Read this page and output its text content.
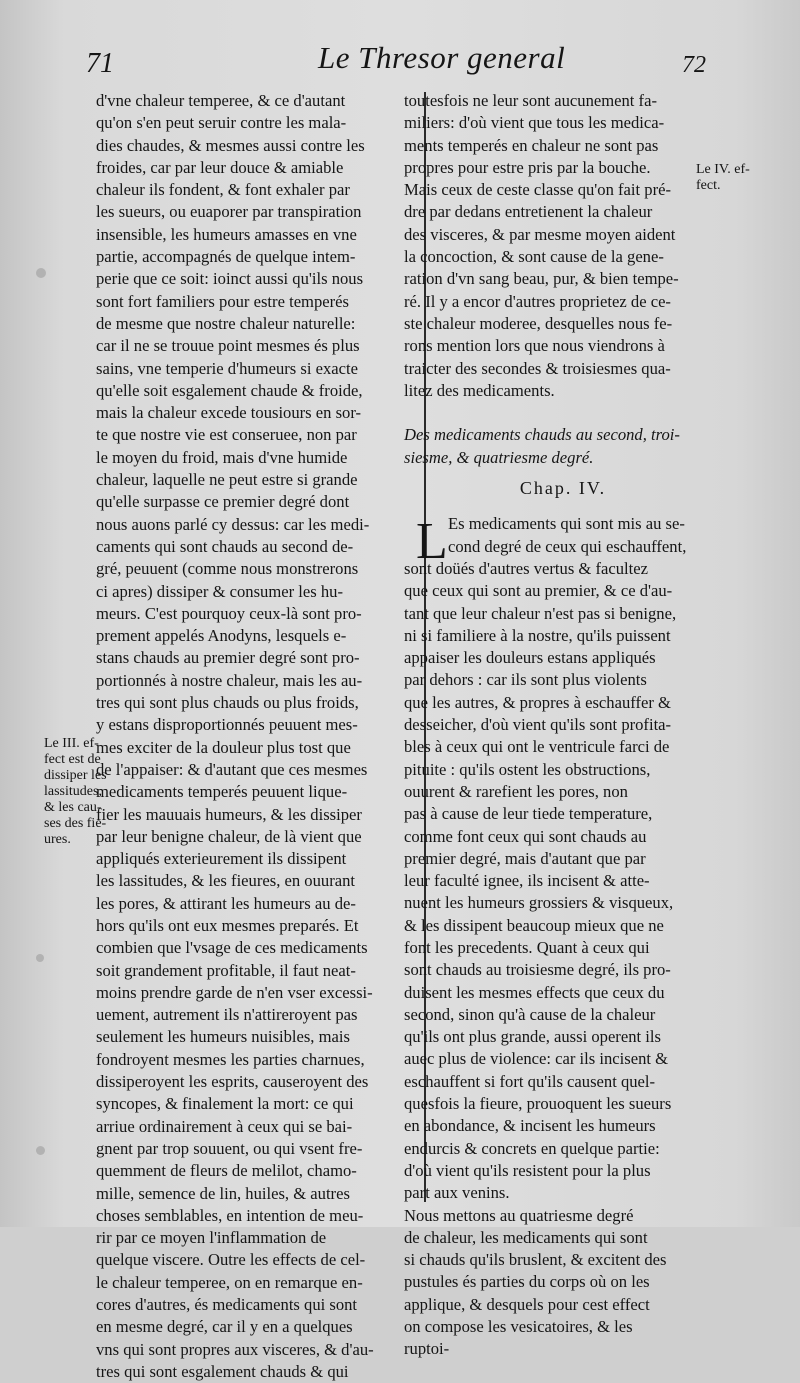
71	Le Thresor general	72
Le III. ef-
fect est de
dissiper les
lassitudes,
& les cau-
ses des fie-
ures.
Le IV. ef-
fect.
d'vne chaleur temperee, & ce d'autant
qu'on s'en peut seruir contre les mala-
dies chaudes, & mesmes aussi contre les
froides, car par leur douce & amiable
chaleur ils fondent, & font exhaler par
les sueurs, ou euaporer par transpiration
insensible, les humeurs amasses en vne
partie, accompagnés de quelque intem-
perie que ce soit: ioinct aussi qu'ils nous
sont fort familiers pour estre temperés
de mesme que nostre chaleur naturelle:
car il ne se trouue point mesmes és plus
sains, vne temperie d'humeurs si exacte
qu'elle soit esgalement chaude & froide,
mais la chaleur excede tousiours en sor-
te que nostre vie est conseruee, non par
le moyen du froid, mais d'vne humide
chaleur, laquelle ne peut estre si grande
qu'elle surpasse ce premier degré dont
nous auons parlé cy dessus: car les medi-
caments qui sont chauds au second de-
gré, peuuent (comme nous monstrerons
ci apres) dissiper & consumer les hu-
meurs. C'est pourquoy ceux-là sont pro-
prement appelés Anodyns, lesquels e-
stans chauds au premier degré sont pro-
portionnés à nostre chaleur, mais les au-
tres qui sont plus chauds ou plus froids,
y estans disproportionnés peuuent mes-
mes exciter de la douleur plus tost que
de l'appaiser: & d'autant que ces mesmes
medicaments temperés peuuent lique-
fier les mauuais humeurs, & les dissiper
par leur benigne chaleur, de là vient que
appliqués exterieurement ils dissipent
les lassitudes, & les fieures, en ouurant
les pores, & attirant les humeurs au de-
hors qu'ils ont eux mesmes preparés. Et
combien que l'vsage de ces medicaments
soit grandement profitable, il faut neat-
moins prendre garde de n'en vser excessi-
uement, autrement ils n'attireroyent pas
seulement les humeurs nuisibles, mais
fondroyent mesmes les parties charnues,
dissiperoyent les esprits, causeroyent des
syncopes, & finalement la mort: ce qui
arriue ordinairement à ceux qui se bai-
gnent par trop souuent, ou qui vsent fre-
quemment de fleurs de melilot, chamo-
mille, semence de lin, huiles, & autres
choses semblables, en intention de meu-
rir par ce moyen l'inflammation de
quelque viscere. Outre les effects de cel-
le chaleur temperee, on en remarque en-
cores d'autres, és medicaments qui sont
en mesme degré, car il y en a quelques
vns qui sont propres aux visceres, & d'au-
tres qui sont esgalement chauds & qui
toutesfois ne leur sont aucunement fa-
miliers: d'où vient que tous les medica-
ments temperés en chaleur ne sont pas
propres pour estre pris par la bouche.
Mais ceux de ceste classe qu'on fait pré-
dre par dedans entretienent la chaleur
des visceres, & par mesme moyen aident
la concoction, & sont cause de la gene-
ration d'vn sang beau, pur, & bien tempe-
ré. Il y a encor d'autres proprietez de ce-
ste chaleur moderee, desquelles nous fe-
rons mention lors que nous viendrons à
traicter des secondes & troisiesmes qua-
litez des medicaments.
Des medicaments chauds au second, troi-
siesme, & quatriesme degré.
Chap. IV.
L Es medicaments qui sont mis au se-
cond degré de ceux qui eschauffent,
sont doüés d'autres vertus & facultez
que ceux qui sont au premier, & ce d'au-
tant que leur chaleur n'est pas si benigne,
ni si familiere à la nostre, qu'ils puissent
appaiser les douleurs estans appliqués
par dehors : car ils sont plus violents
que les autres, & propres à eschauffer &
desseicher, d'où vient qu'ils sont profita-
bles à ceux qui ont le ventricule farci de
pituite : qu'ils ostent les obstructions,
ouurent & rarefient les pores, non
pas à cause de leur tiede temperature,
comme font ceux qui sont chauds au
premier degré, mais d'autant que par
leur faculté ignee, ils incisent & atte-
nuent les humeurs grossiers & visqueux,
& les dissipent beaucoup mieux que ne
font les precedents. Quant à ceux qui
sont chauds au troisiesme degré, ils pro-
duisent les mesmes effects que ceux du
second, sinon qu'à cause de la chaleur
qu'ils ont plus grande, aussi operent ils
auec plus de violence: car ils incisent &
eschauffent si fort qu'ils causent quel-
quesfois la fieure, prouoquent les sueurs
en abondance, & incisent les humeurs
endurcis & concrets en quelque partie:
d'où vient qu'ils resistent pour la plus
part aux venins.
Nous mettons au quatriesme degré
de chaleur, les medicaments qui sont
si chauds qu'ils bruslent, & excitent des
pustules és parties du corps où on les
applique, & desquels pour cest effect
on compose les vesicatoires, & les
ruptoi-
